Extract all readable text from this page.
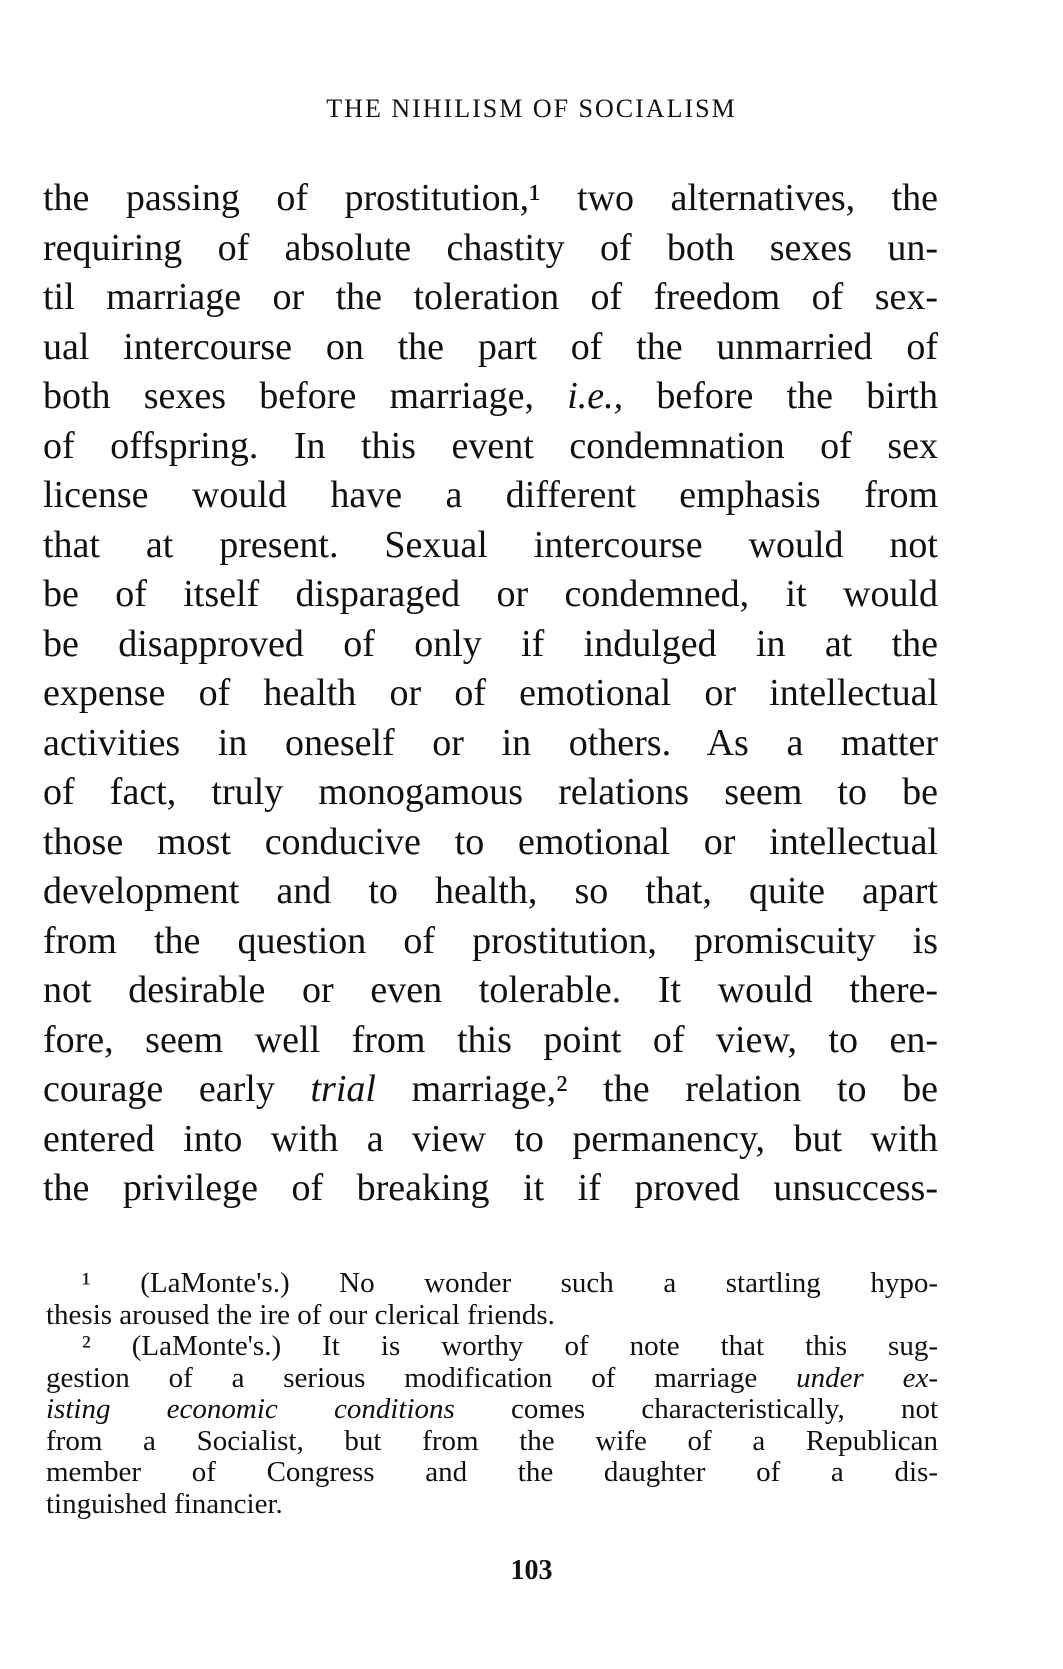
THE NIHILISM OF SOCIALISM
the passing of prostitution,¹ two alternatives, the
requiring of absolute chastity of both sexes un-
til marriage or the toleration of freedom of sex-
ual intercourse on the part of the unmarried of
both sexes before marriage, i.e., before the birth
of offspring. In this event condemnation of sex
license would have a different emphasis from
that at present. Sexual intercourse would not
be of itself disparaged or condemned, it would
be disapproved of only if indulged in at the
expense of health or of emotional or intellectual
activities in oneself or in others. As a matter
of fact, truly monogamous relations seem to be
those most conducive to emotional or intellectual
development and to health, so that, quite apart
from the question of prostitution, promiscuity is
not desirable or even tolerable. It would there-
fore, seem well from this point of view, to en-
courage early trial marriage,² the relation to be
entered into with a view to permanency, but with
the privilege of breaking it if proved unsuccess-
¹ (LaMonte's.) No wonder such a startling hypo-
thesis aroused the ire of our clerical friends.
² (LaMonte's.) It is worthy of note that this sug-
gestion of a serious modification of marriage under ex-
isting economic conditions comes characteristically, not
from a Socialist, but from the wife of a Republican
member of Congress and the daughter of a dis-
tinguished financier.
103
